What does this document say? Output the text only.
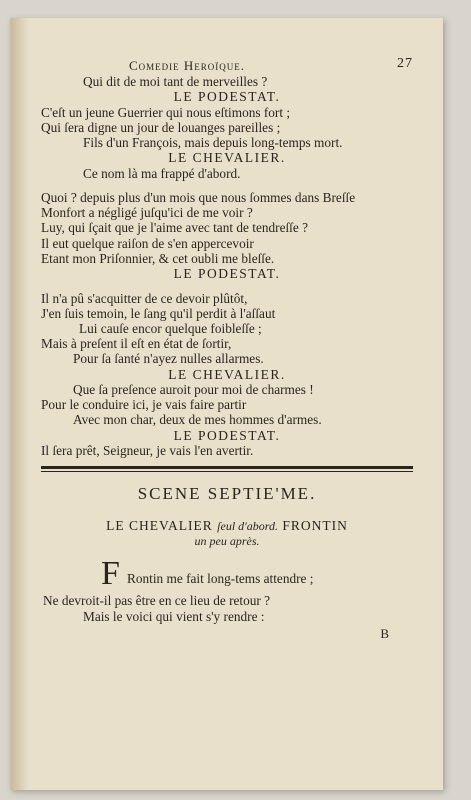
Comedie Heroïque.	27
Qui dit de moi tant de merveilles ?
LE PODESTAT.
C'eſt un jeune Guerrier qui nous eſtimons fort ;
Qui ſera digne un jour de louanges pareilles ;
Fils d'un François, mais depuis long-temps mort.
LE CHEVALIER.
Ce nom là ma frappé d'abord.
Quoi ? depuis plus d'un mois que nous ſommes dans Breſſe
Monfort a négligé juſqu'ici de me voir ?
Luy, qui ſçait que je l'aime avec tant de tendreſſe ?
Il eut quelque raiſon de s'en appercevoir
Etant mon Priſonnier, & cet oubli me bleſſe.
LE PODESTAT.
Il n'a pû s'acquitter de ce devoir plûtôt,
J'en ſuis temoin, le ſang qu'il perdit à l'aſſaut
Lui cauſe encor quelque foibleſſe ;
Mais à preſent il eſt en état de ſortir,
Pour ſa ſanté n'ayez nulles allarmes.
LE CHEVALIER.
Que ſa preſence auroit pour moi de charmes !
Pour le conduire ici, je vais faire partir
Avec mon char, deux de mes hommes d'armes.
LE PODESTAT.
Il ſera prêt, Seigneur, je vais l'en avertir.
SCENE SEPTIE'ME.
LE CHEVALIER ſeul d'abord. FRONTIN
un peu après.
F Rontin me fait long-tems attendre ;
Ne devroit-il pas être en ce lieu de retour ?
Mais le voici qui vient s'y rendre :
B
